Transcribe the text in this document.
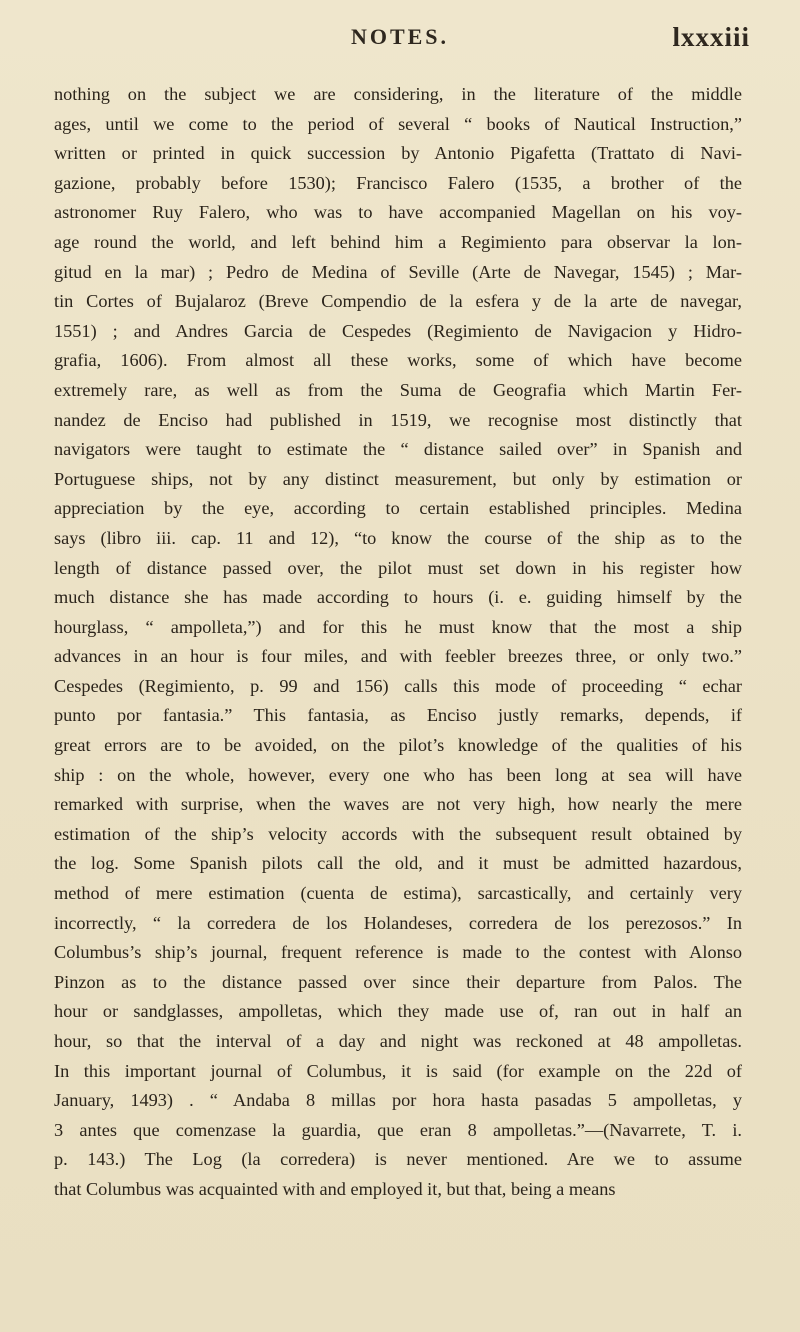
NOTES.	lxxxiii
nothing on the subject we are considering, in the literature of the middle
ages, until we come to the period of several “ books of Nautical Instruction,”
written or printed in quick succession by Antonio Pigafetta (Trattato di Navi-
gazione, probably before 1530); Francisco Falero (1535, a brother of the
astronomer Ruy Falero, who was to have accompanied Magellan on his voy-
age round the world, and left behind him a Regimiento para observar la lon-
gitud en la mar) ; Pedro de Medina of Seville (Arte de Navegar, 1545) ; Mar-
tin Cortes of Bujalaroz (Breve Compendio de la esfera y de la arte de navegar,
1551) ; and Andres Garcia de Cespedes (Regimiento de Navigacion y Hidro-
grafia, 1606). From almost all these works, some of which have become
extremely rare, as well as from the Suma de Geografia which Martin Fer-
nandez de Enciso had published in 1519, we recognise most distinctly that
navigators were taught to estimate the “ distance sailed over” in Spanish and
Portuguese ships, not by any distinct measurement, but only by estimation or
appreciation by the eye, according to certain established principles. Medina
says (libro iii. cap. 11 and 12), “to know the course of the ship as to the
length of distance passed over, the pilot must set down in his register how
much distance she has made according to hours (i. e. guiding himself by the
hourglass, “ ampolleta,”) and for this he must know that the most a ship
advances in an hour is four miles, and with feebler breezes three, or only two.”
Cespedes (Regimiento, p. 99 and 156) calls this mode of proceeding “ echar
punto por fantasia.” This fantasia, as Enciso justly remarks, depends, if
great errors are to be avoided, on the pilot’s knowledge of the qualities of his
ship : on the whole, however, every one who has been long at sea will have
remarked with surprise, when the waves are not very high, how nearly the mere
estimation of the ship’s velocity accords with the subsequent result obtained by
the log. Some Spanish pilots call the old, and it must be admitted hazardous,
method of mere estimation (cuenta de estima), sarcastically, and certainly very
incorrectly, “ la corredera de los Holandeses, corredera de los perezosos.” In
Columbus’s ship’s journal, frequent reference is made to the contest with Alonso
Pinzon as to the distance passed over since their departure from Palos. The
hour or sandglasses, ampolletas, which they made use of, ran out in half an
hour, so that the interval of a day and night was reckoned at 48 ampolletas.
In this important journal of Columbus, it is said (for example on the 22d of
January, 1493) . “ Andaba 8 millas por hora hasta pasadas 5 ampolletas, y
3 antes que comenzase la guardia, que eran 8 ampolletas.”—(Navarrete, T. i.
p. 143.) The Log (la corredera) is never mentioned. Are we to assume
that Columbus was acquainted with and employed it, but that, being a means
